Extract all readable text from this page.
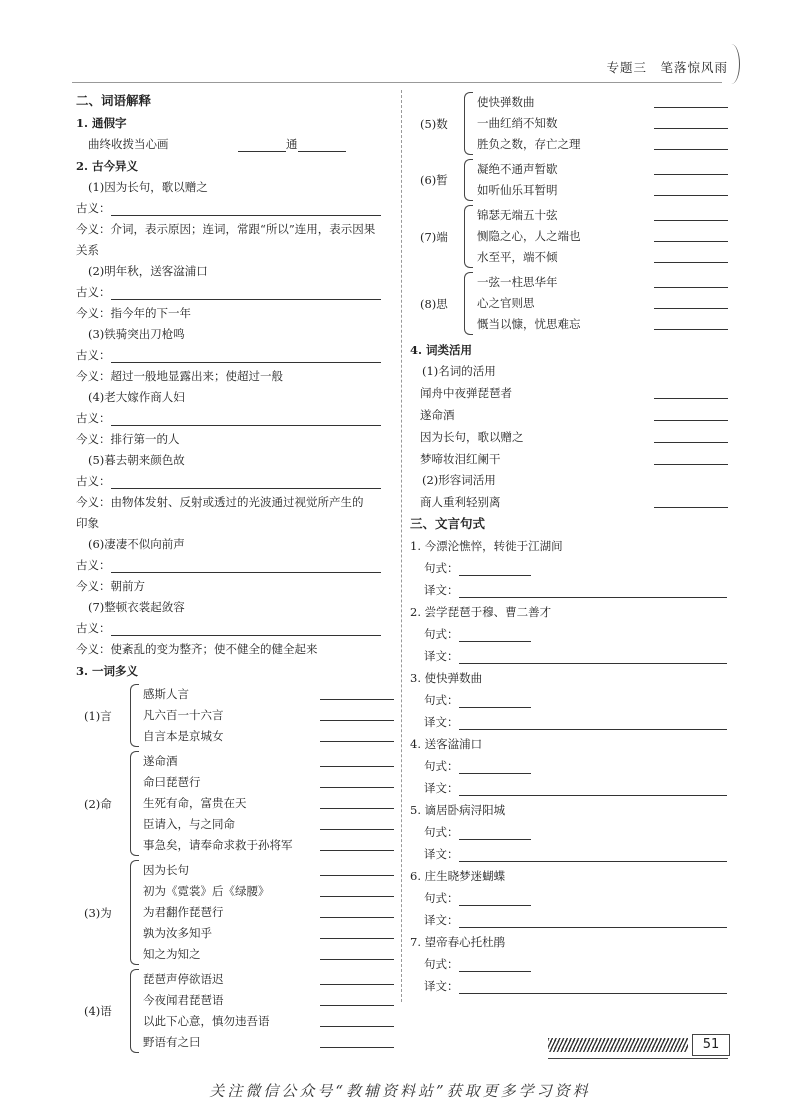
专题三　笔落惊风雨
二、词语解释
1. 通假字
曲终收拨当心画	通
2. 古今异义
(1)因为长句，歌以赠之
古义：
今义：介词，表示原因；连词，常跟“所以”连用，表示因果
关系
(2)明年秋，送客湓浦口
古义：
今义：指今年的下一年
(3)铁骑突出刀枪鸣
古义：
今义：超过一般地显露出来；使超过一般
(4)老大嫁作商人妇
古义：
今义：排行第一的人
(5)暮去朝来颜色故
古义：
今义：由物体发射、反射或透过的光波通过视觉所产生的
印象
(6)凄凄不似向前声
古义：
今义：朝前方
(7)整顿衣裳起敛容
古义：
今义：使紊乱的变为整齐；使不健全的健全起来
3. 一词多义
(1)言
感斯人言
凡六百一十六言
自言本是京城女
(2)命
遂命酒
命曰琵琶行
生死有命，富贵在天
臣请入，与之同命
事急矣，请奉命求救于孙将军
(3)为
因为长句
初为《霓裳》后《绿腰》
为君翻作琵琶行
孰为汝多知乎
知之为知之
(4)语
琵琶声停欲语迟
今夜闻君琵琶语
以此下心意，慎勿违吾语
野语有之曰
(5)数
使快弹数曲
一曲红绡不知数
胜负之数，存亡之理
(6)暂
凝绝不通声暂歇
如听仙乐耳暂明
(7)端
锦瑟无端五十弦
恻隐之心，人之端也
水至平，端不倾
(8)思
一弦一柱思华年
心之官则思
慨当以慷，忧思难忘
4. 词类活用
(1)名词的活用
闻舟中夜弹琵琶者
遂命酒
因为长句，歌以赠之
梦啼妆泪红阑干
(2)形容词活用
商人重利轻别离
三、文言句式
1. 今漂沦憔悴，转徙于江湖间
句式：
译文：
2. 尝学琵琶于穆、曹二善才
句式：
译文：
3. 使快弹数曲
句式：
译文：
4. 送客湓浦口
句式：
译文：
5. 谪居卧病浔阳城
句式：
译文：
6. 庄生晓梦迷蝴蝶
句式：
译文：
7. 望帝春心托杜鹃
句式：
译文：
51
关注微信公众号“教辅资料站”获取更多学习资料
